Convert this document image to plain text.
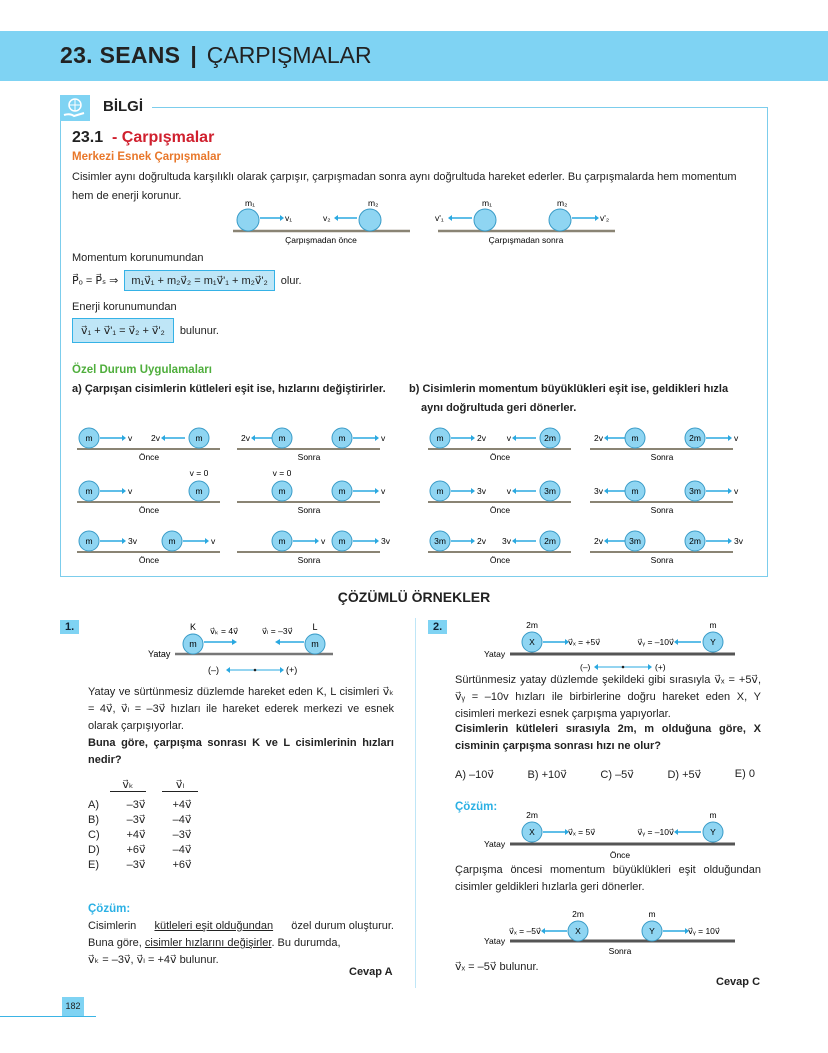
23. SEANS | ÇARPIŞMALAR
BİLGİ
23.1 - Çarpışmalar
Merkezi Esnek Çarpışmalar
Cisimler aynı doğrultuda karşılıklı olarak çarpışır, çarpışmadan sonra aynı doğrultuda hareket ederler. Bu çarpışmalarda hem momentum hem de enerji korunur.
m₁
v₁	v₂
m₂
Çarpışmadan önce
v'₁
m₁	m₂
v'₂
Çarpışmadan sonra
Momentum korunumundan
P⃗ₒ = P⃗ₛ ⇒	m₁v⃗₁ + m₂v⃗₂ = m₁v⃗'₁ + m₂v⃗'₂	olur.
Enerji korunumundan
v⃗₁ + v⃗'₁ = v⃗₂ + v⃗'₂	bulunur.
Özel Durum Uygulamaları
a) Çarpışan cisimlerin kütleleri eşit ise, hızlarını değiştirirler. b) Cisimlerin momentum büyüklükleri eşit ise, geldikleri hızla
aynı doğrultuda geri dönerler.
m	v 2v	m
Önce
2v	m	m	v
Sonra
m	2v v	2m
Önce
2v	m	2m	v
Sonra
m	v
v = 0
m
Önce
v = 0
m	m	v
Sonra
m	3v v	3m
Önce
3v	m	3m	v
Sonra
m	3v	m	v
Önce
m	v m	3v
Sonra
3m	2v 3v	2m
Önce
2v	3m	2m	3v
Sonra
ÇÖZÜMLÜ ÖRNEKLER
1.
Yatay
m
K v⃗ₖ = 4v⃗
m
L
v⃗ₗ = –3v⃗
(–)	(+)
Yatay ve sürtünmesiz düzlemde hareket eden K, L cisimleri v⃗ₖ = 4v⃗, v⃗ₗ = –3v⃗ hızları ile hareket ederek merkezi ve esnek olarak çarpışıyorlar.
Buna göre, çarpışma sonrası K ve L cisimlerinin hızları nedir?
v⃗ₖ	v⃗ₗ
A)	–3v⃗	+4v⃗
B)	–3v⃗	–4v⃗
C)	+4v⃗	–3v⃗
D)	+6v⃗	–4v⃗
E)	–3v⃗	+6v⃗
Çözüm:
Cisimlerin kütleleri eşit olduğundan özel durum oluşturur.
Buna göre, cisimler hızlarını değişirler. Bu durumda,
v⃗ₖ = –3v⃗, v⃗ₗ = +4v⃗ bulunur.
Cevap A
2.
Yatay
X	Y
2m	m
v⃗ₓ = +5v⃗	v⃗ᵧ = –10v⃗
(–)	(+)
Sürtünmesiz yatay düzlemde şekildeki gibi sırasıyla v⃗ₓ = +5v⃗, v⃗ᵧ = –10v hızları ile birbirlerine doğru hareket eden X, Y cisimleri merkezi esnek çarpışma yapıyorlar.
Cisimlerin kütleleri sırasıyla 2m, m olduğuna göre, X cisminin çarpışma sonrası hızı ne olur?
A) –10v⃗	B) +10v⃗	C) –5v⃗	D) +5v⃗	E) 0
Çözüm:
Yatay
X	Y
2m	m
v⃗ₓ = 5v⃗	v⃗ᵧ = –10v⃗
Önce
Çarpışma öncesi momentum büyüklükleri eşit olduğundan cisimler geldikleri hızlarla geri dönerler.
Yatay
X	Y
2m	m
v⃗ₓ = –5v⃗	v⃗ᵧ = 10v⃗
Sonra
v⃗ₓ = –5v⃗ bulunur.
Cevap C
182
